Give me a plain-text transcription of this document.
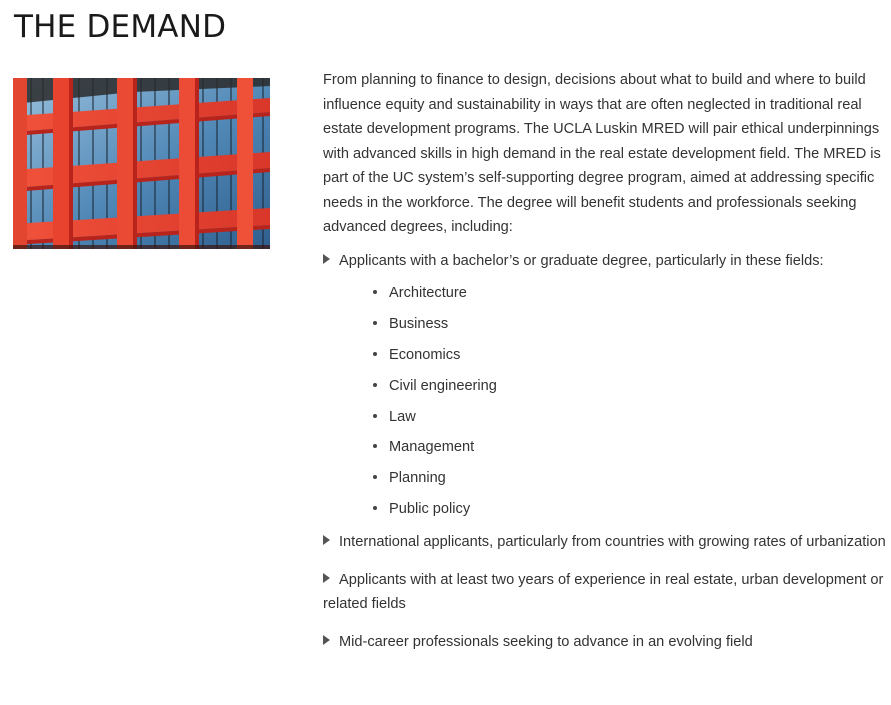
THE DEMAND

From planning to finance to design, decisions about what to build and where to build influence equity and sustainability in ways that are often neglected in traditional real estate development programs. The UCLA Luskin MRED will pair ethical underpinnings with advanced skills in high demand in the real estate development field. The MRED is part of the UC system’s self-supporting degree program, aimed at addressing specific needs in the workforce. The degree will benefit students and professionals seeking advanced degrees, including:

Applicants with a bachelor’s or graduate degree, particularly in these fields:
Architecture
Business
Economics
Civil engineering
Law
Management
Planning
Public policy
International applicants, particularly from countries with growing rates of urbanization
Applicants with at least two years of experience in real estate, urban development or related fields
Mid-career professionals seeking to advance in an evolving field
